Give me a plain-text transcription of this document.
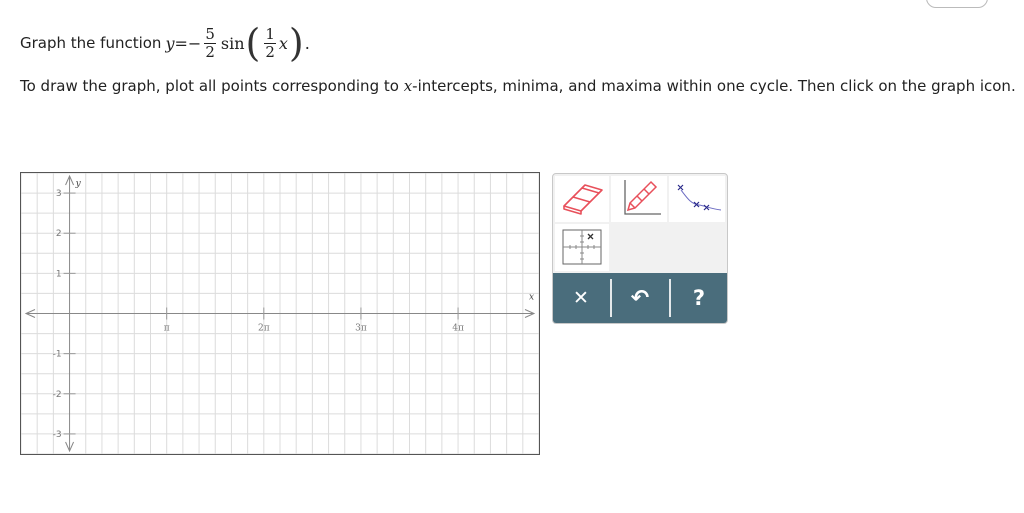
Graph the function y = − $\frac{5}{2}$ sin ( $\frac{1}{2}$ x ) .
To draw the graph, plot all points corresponding to x-intercepts, minima, and maxima within one cycle. Then click on the graph icon.
x
y
π	2π	3π	4π
3
2
1
-1
-2
-3
✕ ↶ ?
